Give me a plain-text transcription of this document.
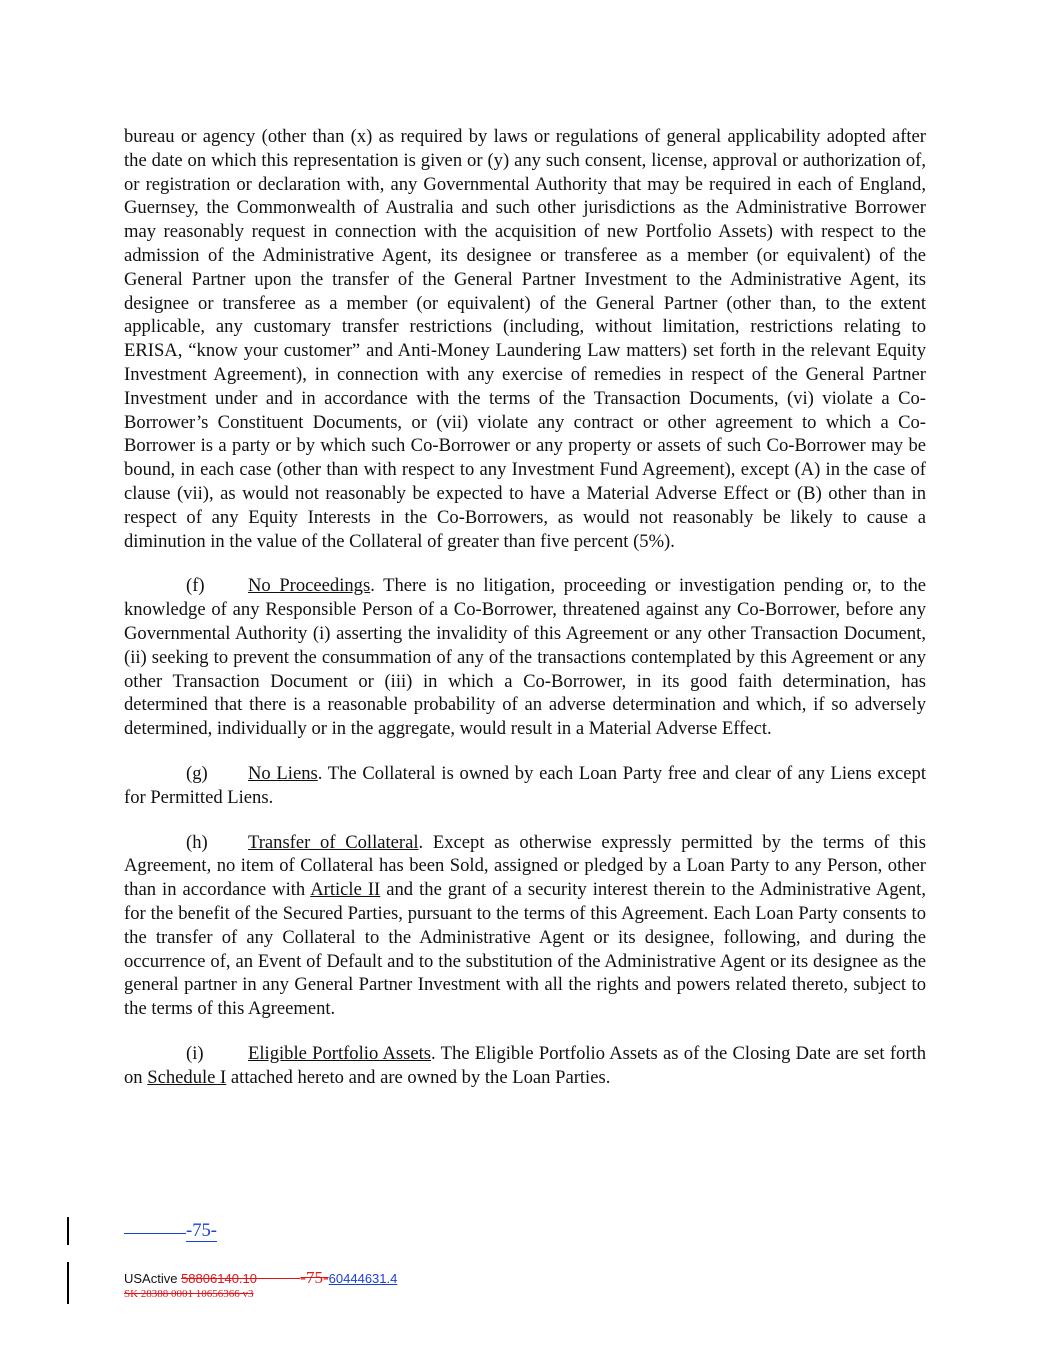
bureau or agency (other than (x) as required by laws or regulations of general applicability adopted after the date on which this representation is given or (y) any such consent, license, approval or authorization of, or registration or declaration with, any Governmental Authority that may be required in each of England, Guernsey, the Commonwealth of Australia and such other jurisdictions as the Administrative Borrower may reasonably request in connection with the acquisition of new Portfolio Assets) with respect to the admission of the Administrative Agent, its designee or transferee as a member (or equivalent) of the General Partner upon the transfer of the General Partner Investment to the Administrative Agent, its designee or transferee as a member (or equivalent) of the General Partner (other than, to the extent applicable, any customary transfer restrictions (including, without limitation, restrictions relating to ERISA, “know your customer” and Anti-Money Laundering Law matters) set forth in the relevant Equity Investment Agreement), in connection with any exercise of remedies in respect of the General Partner Investment under and in accordance with the terms of the Transaction Documents, (vi) violate a Co-Borrower’s Constituent Documents, or (vii) violate any contract or other agreement to which a Co-Borrower is a party or by which such Co-Borrower or any property or assets of such Co-Borrower may be bound, in each case (other than with respect to any Investment Fund Agreement), except (A) in the case of clause (vii), as would not reasonably be expected to have a Material Adverse Effect or (B) other than in respect of any Equity Interests in the Co-Borrowers, as would not reasonably be likely to cause a diminution in the value of the Collateral of greater than five percent (5%).

(f) No Proceedings. There is no litigation, proceeding or investigation pending or, to the knowledge of any Responsible Person of a Co-Borrower, threatened against any Co-Borrower, before any Governmental Authority (i) asserting the invalidity of this Agreement or any other Transaction Document, (ii) seeking to prevent the consummation of any of the transactions contemplated by this Agreement or any other Transaction Document or (iii) in which a Co-Borrower, in its good faith determination, has determined that there is a reasonable probability of an adverse determination and which, if so adversely determined, individually or in the aggregate, would result in a Material Adverse Effect.

(g) No Liens. The Collateral is owned by each Loan Party free and clear of any Liens except for Permitted Liens.

(h) Transfer of Collateral. Except as otherwise expressly permitted by the terms of this Agreement, no item of Collateral has been Sold, assigned or pledged by a Loan Party to any Person, other than in accordance with Article II and the grant of a security interest therein to the Administrative Agent, for the benefit of the Secured Parties, pursuant to the terms of this Agreement. Each Loan Party consents to the transfer of any Collateral to the Administrative Agent or its designee, following, and during the occurrence of, an Event of Default and to the substitution of the Administrative Agent or its designee as the general partner in any General Partner Investment with all the rights and powers related thereto, subject to the terms of this Agreement.

(i) Eligible Portfolio Assets. The Eligible Portfolio Assets as of the Closing Date are set forth on Schedule I attached hereto and are owned by the Loan Parties.

-75-
USActive 58806140.10	-75-60444631.4
SK 28388 0001 10656366 v3
